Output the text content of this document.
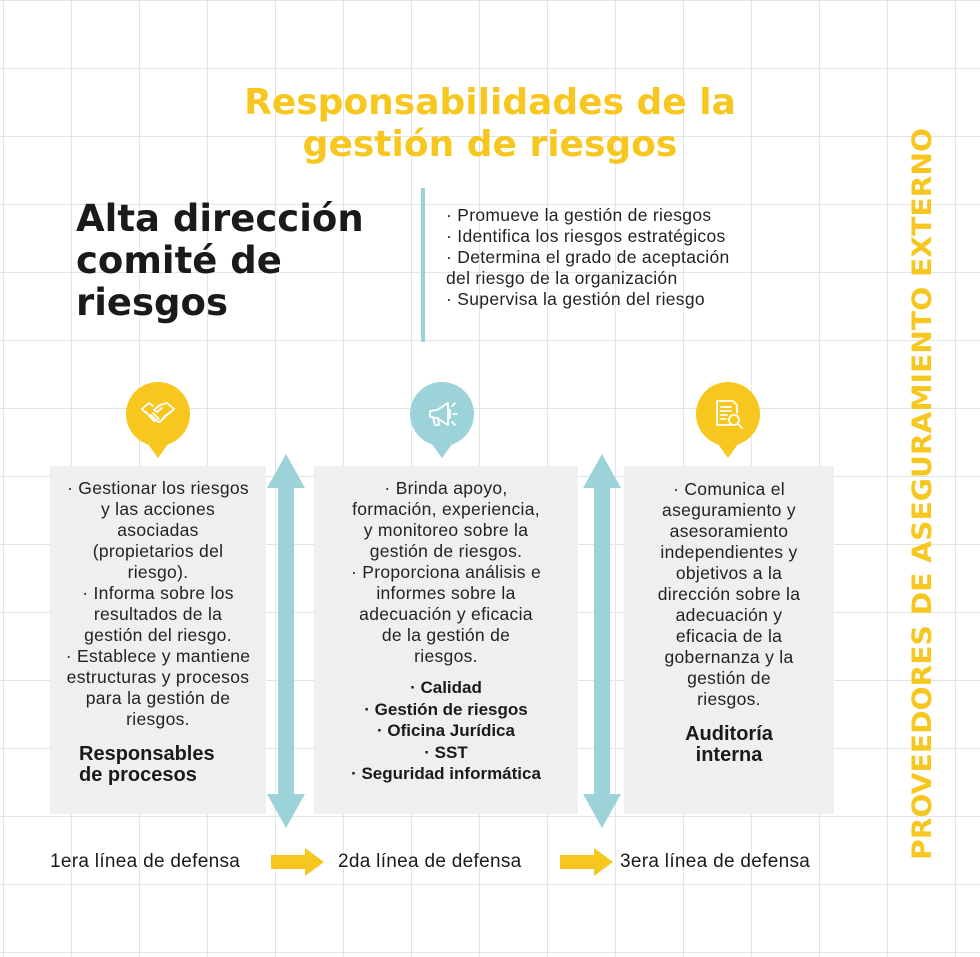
Responsabilidades de la
gestión de riesgos
Alta dirección
comité de
riesgos
· Promueve la gestión de riesgos
· Identifica los riesgos estratégicos
· Determina el grado de aceptación
del riesgo de la organización
· Supervisa la gestión del riesgo
· Gestionar los riesgos
y las acciones
asociadas
(propietarios del
riesgo).
· Informa sobre los
resultados de la
gestión del riesgo.
· Establece y mantiene
estructuras y procesos
para la gestión de
riesgos.
Responsables
de procesos
· Brinda apoyo,
formación, experiencia,
y monitoreo sobre la
gestión de riesgos.
· Proporciona análisis e
informes sobre la
adecuación y eficacia
de la gestión de
riesgos.
· Calidad
· Gestión de riesgos
· Oficina Jurídica
· SST
· Seguridad informática
· Comunica el
aseguramiento y
asesoramiento
independientes y
objetivos a la
dirección sobre la
adecuación y
eficacia de la
gobernanza y la
gestión de
riesgos.
Auditoría
interna
1era línea de defensa	2da línea de defensa	3era línea de defensa
PROVEEDORES DE ASEGURAMIENTO EXTERNO
